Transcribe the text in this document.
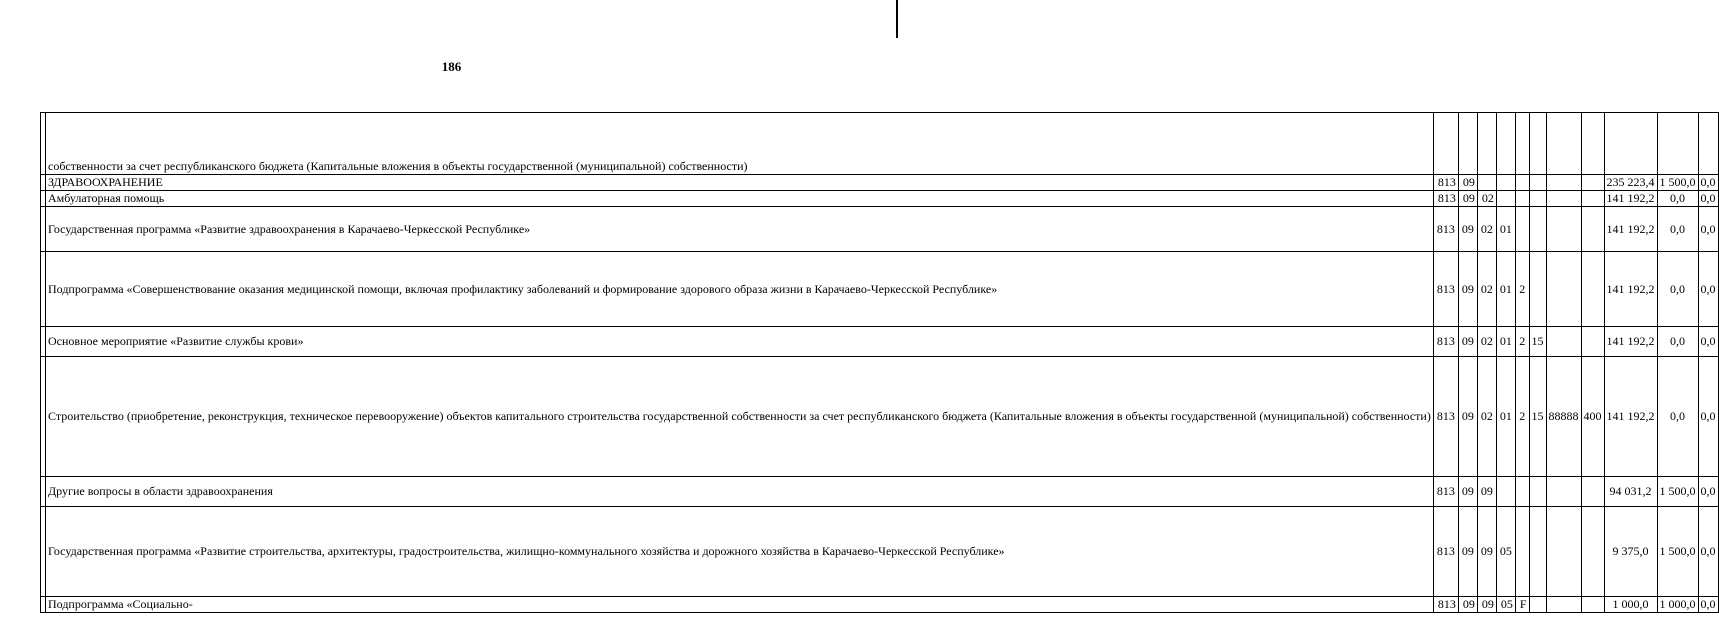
186
	собственности за счет республиканского бюджета (Капитальные вложения в объекты государственной (муниципальной) собственности)											
	ЗДРАВООХРАНЕНИЕ	813	09							235 223,4	1 500,0	0,0
	Амбулаторная помощь	813	09	02						141 192,2	0,0	0,0
	Государственная программа «Развитие здравоохранения в Карачаево-Черкесской Республике»	813	09	02	01					141 192,2	0,0	0,0
	Подпрограмма «Совершенствование оказания медицинской помощи, включая профилактику заболеваний и формирование здорового образа жизни в Карачаево-Черкесской Республике»	813	09	02	01	2				141 192,2	0,0	0,0
	Основное мероприятие «Развитие службы крови»	813	09	02	01	2	15			141 192,2	0,0	0,0
	Строительство (приобретение, реконструкция, техническое перевооружение) объектов капитального строительства государственной собственности за счет республиканского бюджета (Капитальные вложения в объекты государственной (муниципальной) собственности)	813	09	02	01	2	15	88888	400	141 192,2	0,0	0,0
	Другие вопросы в области здравоохранения	813	09	09						94 031,2	1 500,0	0,0
	Государственная программа «Развитие строительства, архитектуры, градостроительства, жилищно-коммунального хозяйства и дорожного хозяйства в Карачаево-Черкесской Республике»	813	09	09	05					9 375,0	1 500,0	0,0
	Подпрограмма «Социально-	813	09	09	05	F				1 000,0	1 000,0	0,0
